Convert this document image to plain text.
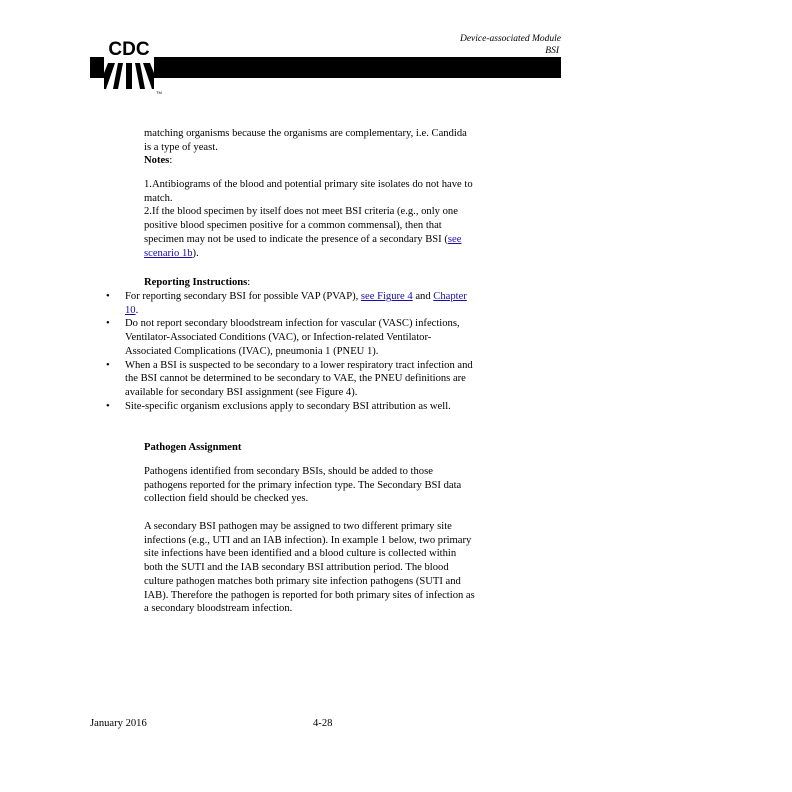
CDC
TM
Device-associated Module
BSI
matching organisms because the organisms are complementary, i.e. Candida
is a type of yeast.
Notes:
1.Antibiograms of the blood and potential primary site isolates do not have to
match.
2.If the blood specimen by itself does not meet BSI criteria (e.g., only one
positive blood specimen positive for a common commensal), then that
specimen may not be used to indicate the presence of a secondary BSI (see
scenario 1b).
Reporting Instructions:
• For reporting secondary BSI for possible VAP (PVAP), see Figure 4 and Chapter
10.
• Do not report secondary bloodstream infection for vascular (VASC) infections,
Ventilator-Associated Conditions (VAC), or Infection-related Ventilator-
Associated Complications (IVAC), pneumonia 1 (PNEU 1).
• When a BSI is suspected to be secondary to a lower respiratory tract infection and
the BSI cannot be determined to be secondary to VAE, the PNEU definitions are
available for secondary BSI assignment (see Figure 4).
• Site-specific organism exclusions apply to secondary BSI attribution as well.
Pathogen Assignment
Pathogens identified from secondary BSIs, should be added to those
pathogens reported for the primary infection type. The Secondary BSI data
collection field should be checked yes.
A secondary BSI pathogen may be assigned to two different primary site
infections (e.g., UTI and an IAB infection). In example 1 below, two primary
site infections have been identified and a blood culture is collected within
both the SUTI and the IAB secondary BSI attribution period. The blood
culture pathogen matches both primary site infection pathogens (SUTI and
IAB). Therefore the pathogen is reported for both primary sites of infection as
a secondary bloodstream infection.
January 2016	4-28
